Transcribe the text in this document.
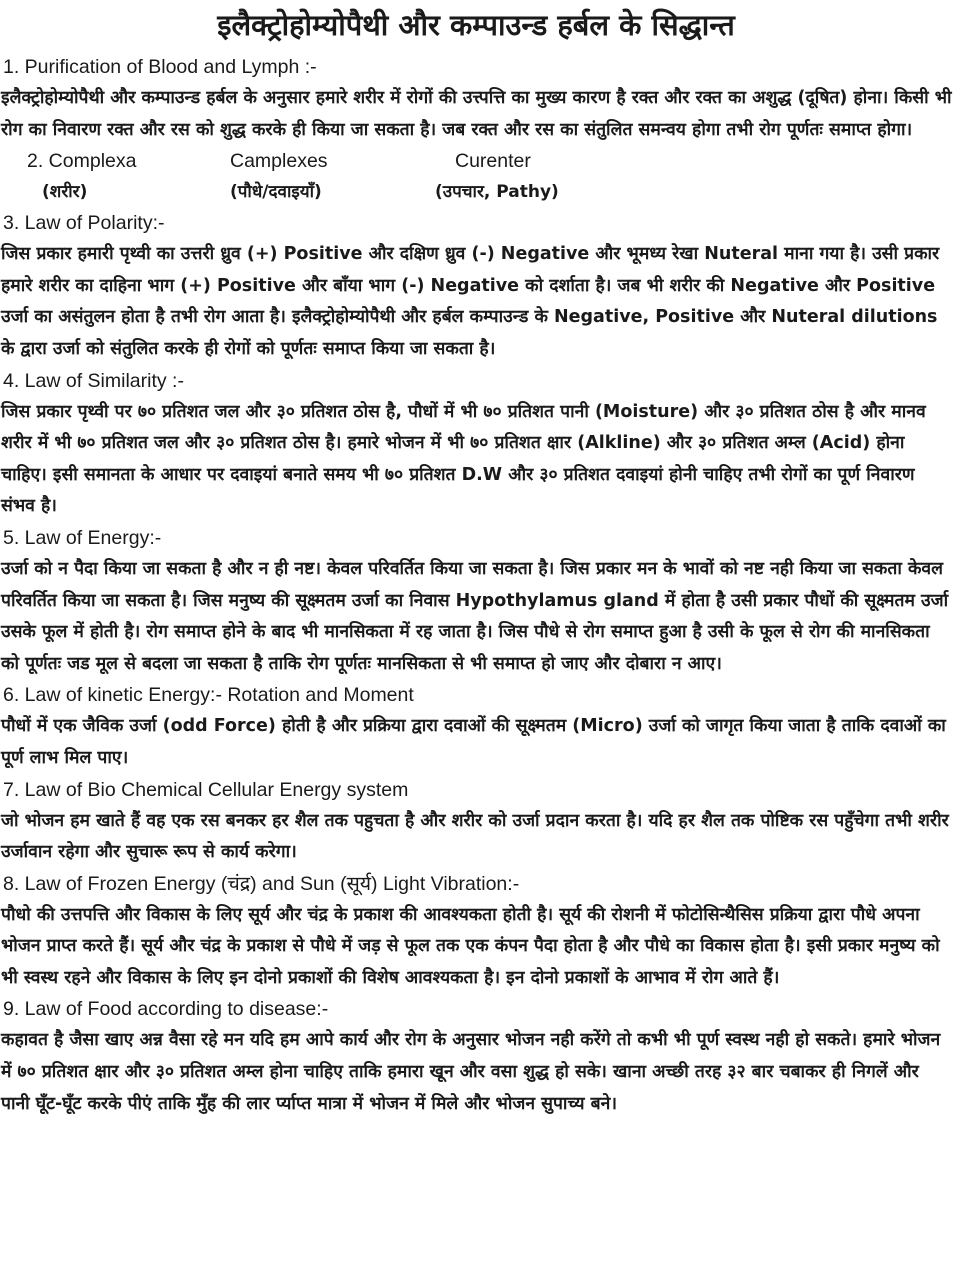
इलैक्ट्रोहोम्योपैथी और कम्पाउन्ड हर्बल के सिद्धान्त
1. Purification of Blood and Lymph :-
इलैक्ट्रोहोम्योपैथी और कम्पाउन्ड हर्बल के अनुसार हमारे शरीर में रोगों की उत्त्पत्ति का मुख्य कारण है रक्त और रक्त का अशुद्ध (दूषित) होना। किसी भी रोग का निवारण रक्त और रस को शुद्ध करके ही किया जा सकता है। जब रक्त और रस का संतुलित समन्वय होगा तभी रोग पूर्णतः समाप्त होगा।
2. Complexa	Camplexes	Curenter
(शरीर)	(पौधे/दवाइयाँ)	(उपचार, Pathy)
3. Law of Polarity:-
जिस प्रकार हमारी पृथ्वी का उत्तरी ध्रुव (+) Positive और दक्षिण ध्रुव (-) Negative और भूमध्य रेखा Nuteral माना गया है। उसी प्रकार हमारे शरीर का दाहिना भाग (+) Positive और बाँया भाग (-) Negative को दर्शाता है। जब भी शरीर की Negative और Positive उर्जा का असंतुलन होता है तभी रोग आता है। इलैक्ट्रोहोम्योपैथी और हर्बल कम्पाउन्ड के Negative, Positive और Nuteral dilutions के द्वारा उर्जा को संतुलित करके ही रोगों को पूर्णतः समाप्त किया जा सकता है।
4. Law of Similarity :-
जिस प्रकार पृथ्वी पर ७० प्रतिशत जल और ३० प्रतिशत ठोस है, पौधों में भी ७० प्रतिशत पानी (Moisture) और ३० प्रतिशत ठोस है और मानव शरीर में भी ७० प्रतिशत जल और ३० प्रतिशत ठोस है। हमारे भोजन में भी ७० प्रतिशत क्षार (Alkline) और ३० प्रतिशत अम्ल (Acid) होना चाहिए। इसी समानता के आधार पर दवाइयां बनाते समय भी ७० प्रतिशत D.W और ३० प्रतिशत दवाइयां होनी चाहिए तभी रोगों का पूर्ण निवारण संभव है।
5. Law of Energy:-
उर्जा को न पैदा किया जा सकता है और न ही नष्ट। केवल परिवर्तित किया जा सकता है। जिस प्रकार मन के भावों को नष्ट नही किया जा सकता केवल परिवर्तित किया जा सकता है। जिस मनुष्य की सूक्ष्मतम उर्जा का निवास Hypothylamus gland में होता है उसी प्रकार पौधों की सूक्ष्मतम उर्जा उसके फूल में होती है। रोग समाप्त होने के बाद भी मानसिकता में रह जाता है। जिस पौधे से रोग समाप्त हुआ है उसी के फूल से रोग की मानसिकता को पूर्णतः जड मूल से बदला जा सकता है ताकि रोग पूर्णतः मानसिकता से भी समाप्त हो जाए और दोबारा न आए।
6. Law of kinetic Energy:- Rotation and Moment
पौधों में एक जैविक उर्जा (odd Force) होती है और प्रक्रिया द्वारा दवाओं की सूक्ष्मतम (Micro) उर्जा को जागृत किया जाता है ताकि दवाओं का पूर्ण लाभ मिल पाए।
7. Law of Bio Chemical Cellular Energy system
जो भोजन हम खाते हैं वह एक रस बनकर हर शैल तक पहुचता है और शरीर को उर्जा प्रदान करता है। यदि हर शैल तक पोष्टिक रस पहुँचेगा तभी शरीर उर्जावान रहेगा और सुचारू रूप से कार्य करेगा।
8. Law of Frozen Energy (चंद्र) and Sun (सूर्य) Light Vibration:-
पौधो की उत्तपत्ति और विकास के लिए सूर्य और चंद्र के प्रकाश की आवश्यकता होती है। सूर्य की रोशनी में फोटोसिन्थैसिस प्रक्रिया द्वारा पौधे अपना भोजन प्राप्त करते हैं। सूर्य और चंद्र के प्रकाश से पौधे में जड़ से फूल तक एक कंपन पैदा होता है और पौधे का विकास होता है। इसी प्रकार मनुष्य को भी स्वस्थ रहने और विकास के लिए इन दोनो प्रकाशों की विशेष आवश्यकता है। इन दोनो प्रकाशों के आभाव में रोग आते हैं।
9. Law of Food according to disease:-
कहावत है जैसा खाए अन्न वैसा रहे मन यदि हम आपे कार्य और रोग के अनुसार भोजन नही करेंगे तो कभी भी पूर्ण स्वस्थ नही हो सकते। हमारे भोजन में ७० प्रतिशत क्षार और ३० प्रतिशत अम्ल होना चाहिए ताकि हमारा खून और वसा शुद्ध हो सके। खाना अच्छी तरह ३२ बार चबाकर ही निगलें और पानी घूँट-घूँट करके पीएं ताकि मुँह की लार र्प्याप्त मात्रा में भोजन में मिले और भोजन सुपाच्य बने।
